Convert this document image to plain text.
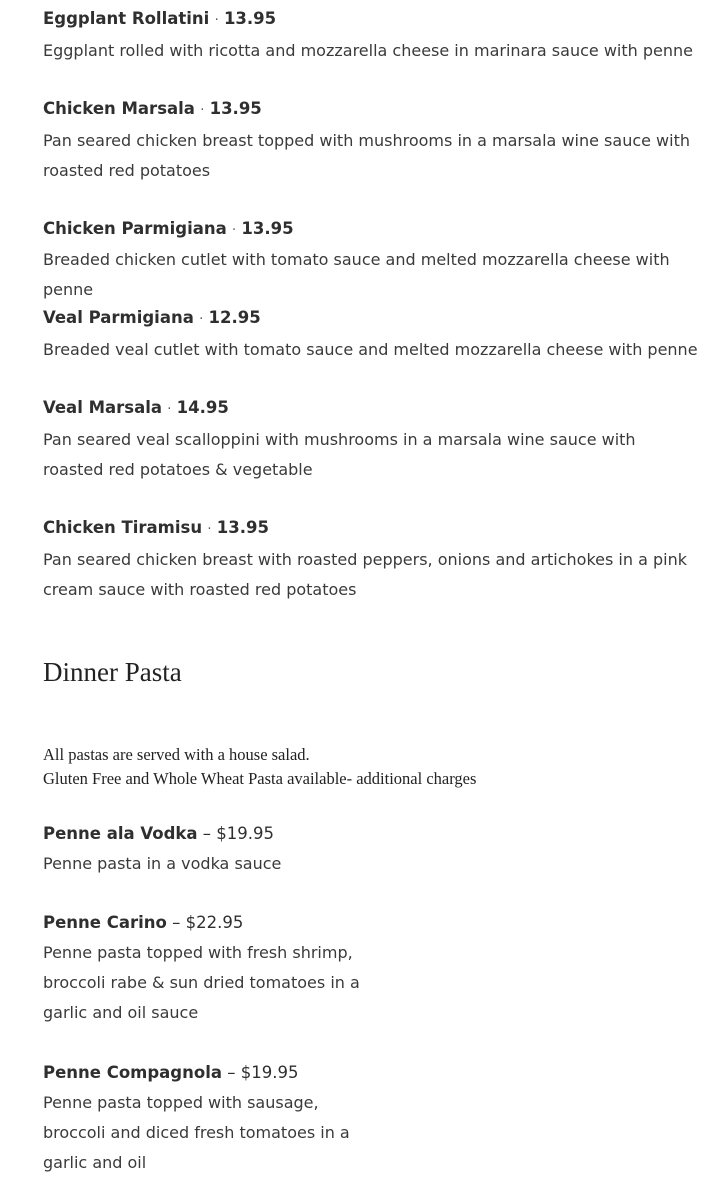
Eggplant Rollatini · 13.95
Eggplant rolled with ricotta and mozzarella cheese in marinara sauce with penne
Chicken Marsala · 13.95
Pan seared chicken breast topped with mushrooms in a marsala wine sauce with roasted red potatoes
Chicken Parmigiana · 13.95
Breaded chicken cutlet with tomato sauce and melted mozzarella cheese with penne
Veal Parmigiana · 12.95
Breaded veal cutlet with tomato sauce and melted mozzarella cheese with penne
Veal Marsala · 14.95
Pan seared veal scalloppini with mushrooms in a marsala wine sauce with roasted red potatoes & vegetable
Chicken Tiramisu · 13.95
Pan seared chicken breast with roasted peppers, onions and artichokes in a pink cream sauce with roasted red potatoes
Dinner Pasta
All pastas are served with a house salad.
Gluten Free and Whole Wheat Pasta available- additional charges
Penne ala Vodka – $19.95
Penne pasta in a vodka sauce
Penne Carino – $22.95
Penne pasta topped with fresh shrimp, broccoli rabe & sun dried tomatoes in a garlic and oil sauce
Penne Compagnola – $19.95
Penne pasta topped with sausage, broccoli and diced fresh tomatoes in a garlic and oil
